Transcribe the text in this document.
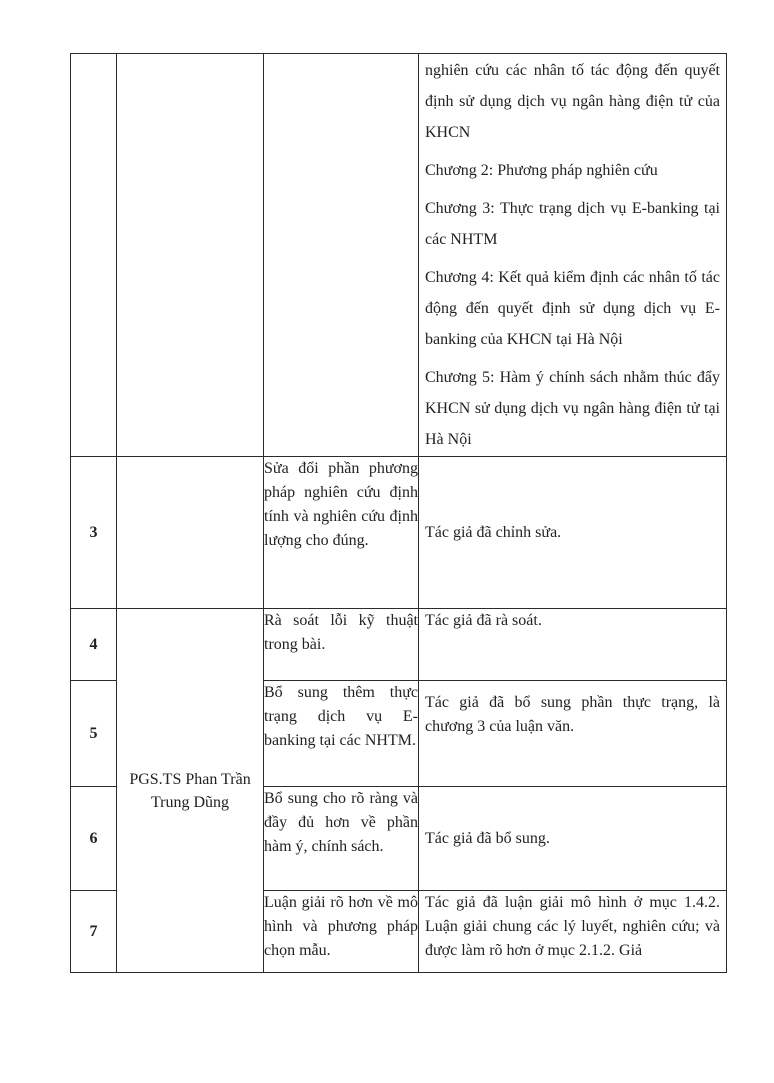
			nghiên cứu các nhân tố tác động đến quyết định sử dụng dịch vụ ngân hàng điện tử của KHCN

Chương 2: Phương pháp nghiên cứu

Chương 3: Thực trạng dịch vụ E-banking tại các NHTM

Chương 4: Kết quả kiểm định các nhân tố tác động đến quyết định sử dụng dịch vụ E-banking của KHCN tại Hà Nội

Chương 5: Hàm ý chính sách nhằm thúc đẩy KHCN sử dụng dịch vụ ngân hàng điện tử tại Hà Nội

3		Sửa đổi phần phương pháp nghiên cứu định tính và nghiên cứu định lượng cho đúng.	Tác giả đã chỉnh sửa.

4	PGS.TS Phan Trần Trung Dũng	Rà soát lỗi kỹ thuật trong bài.	Tác giả đã rà soát.

5		Bổ sung thêm thực trạng dịch vụ E-banking tại các NHTM.	Tác giả đã bổ sung phần thực trạng, là chương 3 của luận văn.

6		Bổ sung cho rõ ràng và đầy đủ hơn về phần hàm ý, chính sách.	Tác giả đã bổ sung.

7		Luận giải rõ hơn về mô hình và phương pháp chọn mẫu.	Tác giả đã luận giải mô hình ở mục 1.4.2. Luận giải chung các lý luyết, nghiên cứu; và được làm rõ hơn ở mục 2.1.2. Giả
